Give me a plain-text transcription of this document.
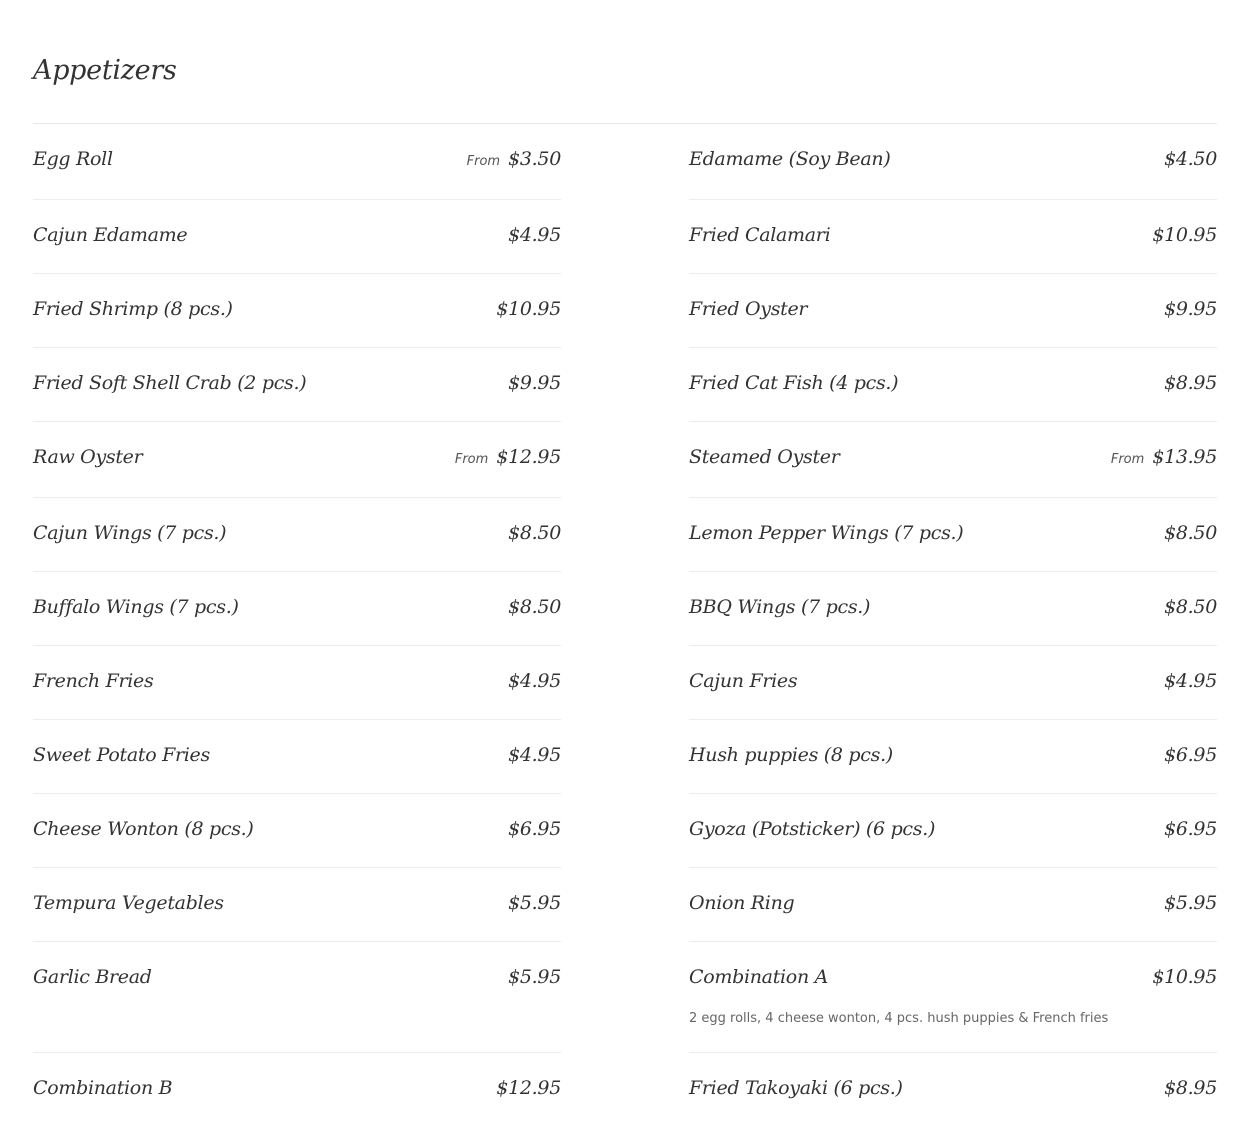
Appetizers
Egg Roll	From $3.50
Cajun Edamame	$4.95
Fried Shrimp (8 pcs.)	$10.95
Fried Soft Shell Crab (2 pcs.)	$9.95
Raw Oyster	From $12.95
Cajun Wings (7 pcs.)	$8.50
Buffalo Wings (7 pcs.)	$8.50
French Fries	$4.95
Sweet Potato Fries	$4.95
Cheese Wonton (8 pcs.)	$6.95
Tempura Vegetables	$5.95
Garlic Bread	$5.95
Combination B	$12.95
Edamame (Soy Bean)	$4.50
Fried Calamari	$10.95
Fried Oyster	$9.95
Fried Cat Fish (4 pcs.)	$8.95
Steamed Oyster	From $13.95
Lemon Pepper Wings (7 pcs.)	$8.50
BBQ Wings (7 pcs.)	$8.50
Cajun Fries	$4.95
Hush puppies (8 pcs.)	$6.95
Gyoza (Potsticker) (6 pcs.)	$6.95
Onion Ring	$5.95
Combination A	$10.95
2 egg rolls, 4 cheese wonton, 4 pcs. hush puppies & French fries
Fried Takoyaki (6 pcs.)	$8.95
